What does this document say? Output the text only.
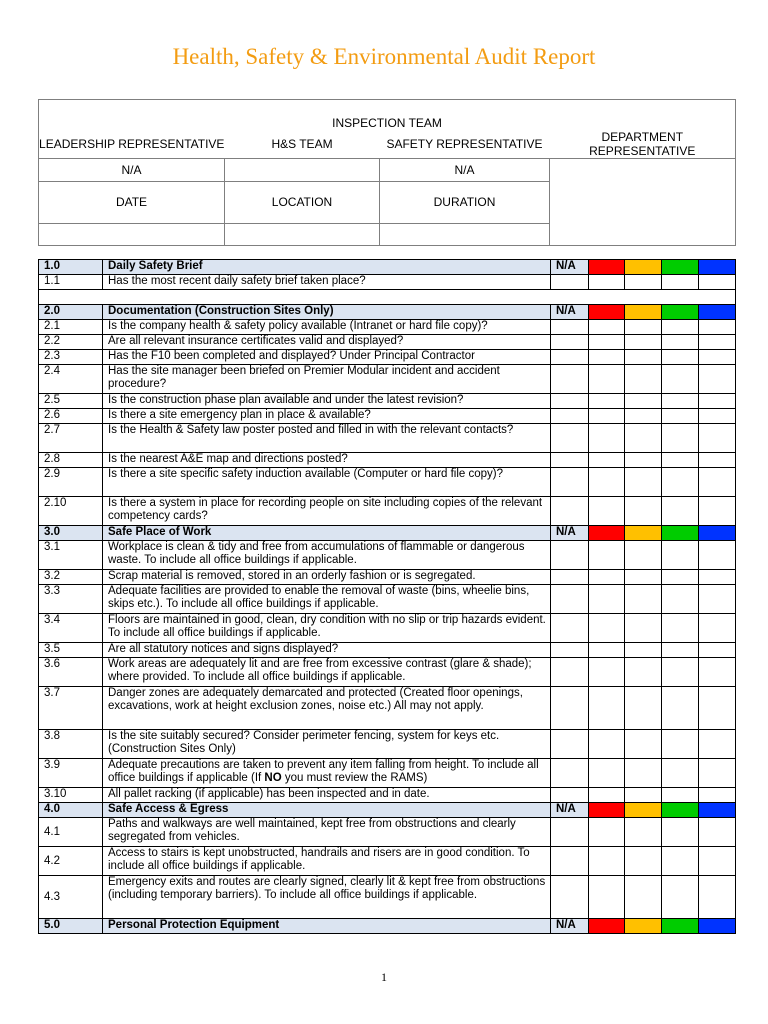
Health, Safety & Environmental Audit Report
INSPECTION TEAM			
LEADERSHIP REPRESENTATIVE	H&S TEAM	SAFETY REPRESENTATIVE	DEPARTMENT REPRESENTATIVE
N/A		N/A	
DATE	LOCATION	DURATION	

1.0	Daily Safety Brief	N/A				
1.1	Has the most recent daily safety brief taken place?					

2.0	Documentation (Construction Sites Only)	N/A				
2.1	Is the company health & safety policy available (Intranet or hard file copy)?					
2.2	Are all relevant insurance certificates valid and displayed?					
2.3	Has the F10 been completed and displayed? Under Principal Contractor					
2.4	Has the site manager been briefed on Premier Modular incident and accident procedure?					
2.5	Is the construction phase plan available and under the latest revision?					
2.6	Is there a site emergency plan in place & available?					
2.7	Is the Health & Safety law poster posted and filled in with the relevant contacts?					
2.8	Is the nearest A&E map and directions posted?					
2.9	Is there a site specific safety induction available (Computer or hard file copy)?					
2.10	Is there a system in place for recording people on site including copies of the relevant competency cards?					
3.0	Safe Place of Work	N/A				
3.1	Workplace is clean & tidy and free from accumulations of flammable or dangerous waste. To include all office buildings if applicable.					
3.2	Scrap material is removed, stored in an orderly fashion or is segregated.					
3.3	Adequate facilities are provided to enable the removal of waste (bins, wheelie bins, skips etc.). To include all office buildings if applicable.					
3.4	Floors are maintained in good, clean, dry condition with no slip or trip hazards evident. To include all office buildings if applicable.					
3.5	Are all statutory notices and signs displayed?					
3.6	Work areas are adequately lit and are free from excessive contrast (glare & shade); where provided. To include all office buildings if applicable.					
3.7	Danger zones are adequately demarcated and protected (Created floor openings, excavations, work at height exclusion zones, noise etc.) All may not apply.					
3.8	Is the site suitably secured? Consider perimeter fencing, system for keys etc. (Construction Sites Only)					
3.9	Adequate precautions are taken to prevent any item falling from height. To include all office buildings if applicable (If NO you must review the RAMS)					
3.10	All pallet racking (if applicable) has been inspected and in date.					
4.0	Safe Access & Egress	N/A				
4.1	Paths and walkways are well maintained, kept free from obstructions and clearly segregated from vehicles.					
4.2	Access to stairs is kept unobstructed, handrails and risers are in good condition. To include all office buildings if applicable.					
4.3	Emergency exits and routes are clearly signed, clearly lit & kept free from obstructions (including temporary barriers). To include all office buildings if applicable.					
5.0	Personal Protection Equipment	N/A				
1
